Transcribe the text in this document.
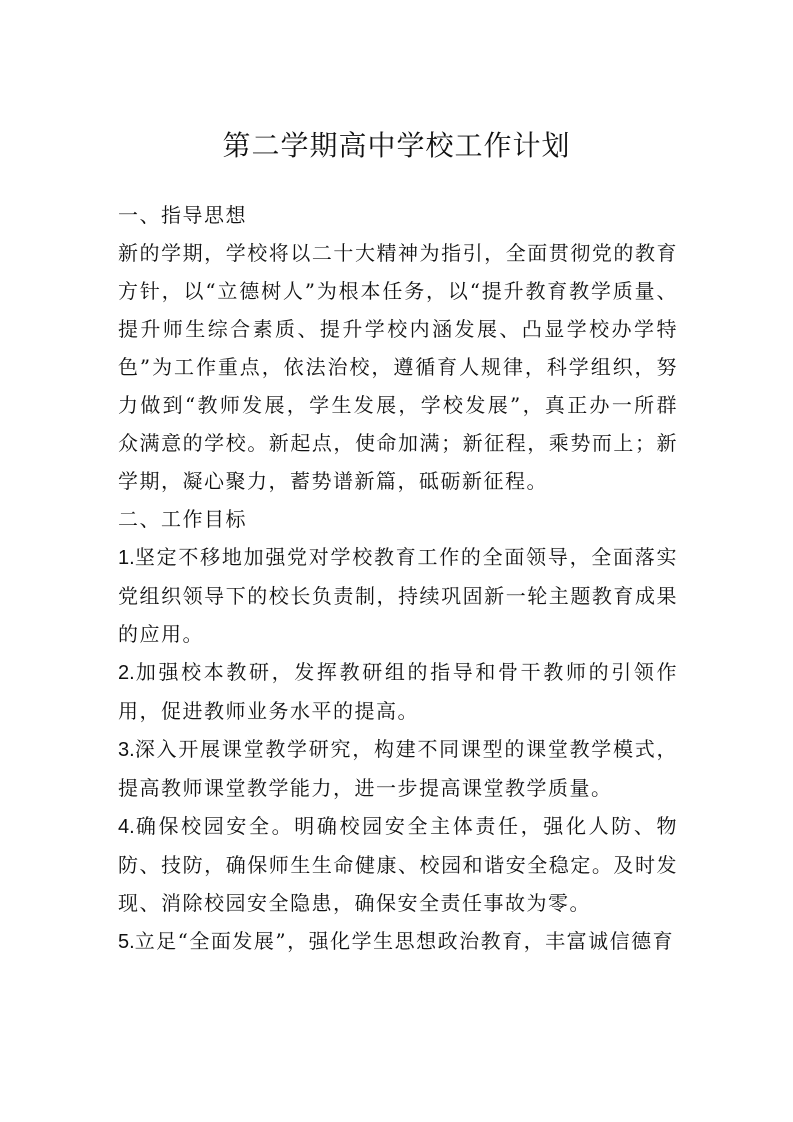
第二学期高中学校工作计划

一、指导思想

新的学期，学校将以二十大精神为指引，全面贯彻党的教育方针，以“立德树人”为根本任务，以“提升教育教学质量、提升师生综合素质、提升学校内涵发展、凸显学校办学特色”为工作重点，依法治校，遵循育人规律，科学组织，努力做到“教师发展，学生发展，学校发展”，真正办一所群众满意的学校。新起点，使命加满；新征程，乘势而上；新学期，凝心聚力，蓄势谱新篇，砥砺新征程。

二、工作目标

1.坚定不移地加强党对学校教育工作的全面领导，全面落实党组织领导下的校长负责制，持续巩固新一轮主题教育成果的应用。

2.加强校本教研，发挥教研组的指导和骨干教师的引领作用，促进教师业务水平的提高。

3.深入开展课堂教学研究，构建不同课型的课堂教学模式，提高教师课堂教学能力，进一步提高课堂教学质量。

4.确保校园安全。明确校园安全主体责任，强化人防、物防、技防，确保师生生命健康、校园和谐安全稳定。及时发现、消除校园安全隐患，确保安全责任事故为零。

5.立足“全面发展”，强化学生思想政治教育，丰富诚信德育
